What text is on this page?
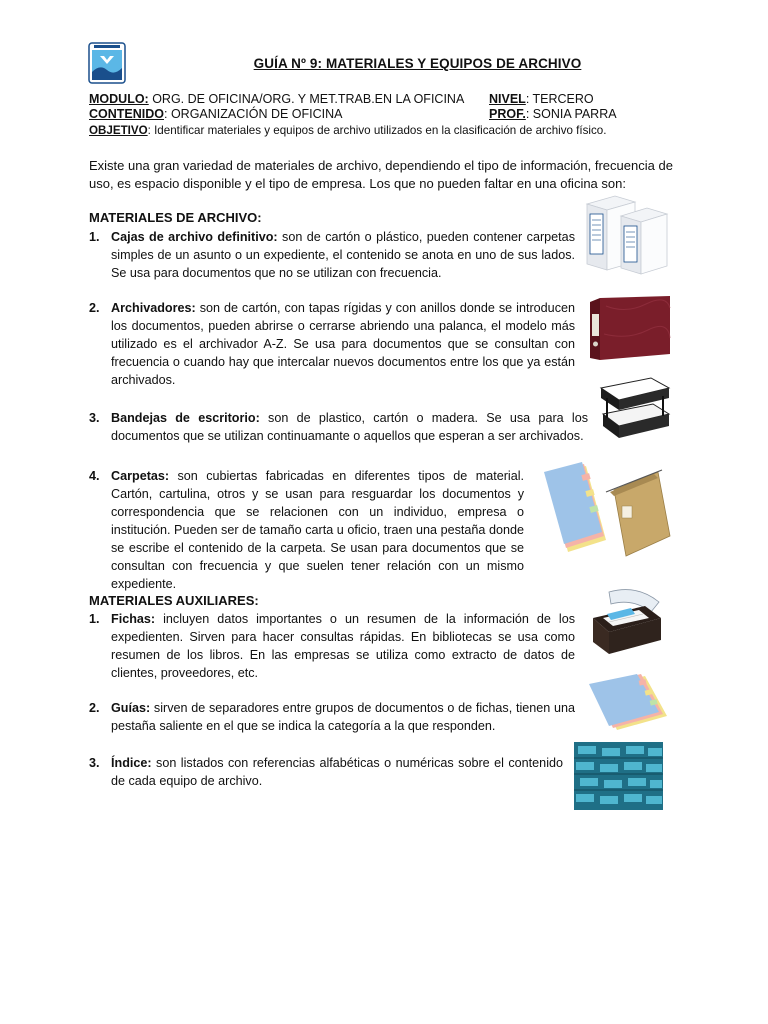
GUÍA Nº 9: MATERIALES Y EQUIPOS DE ARCHIVO
MODULO: ORG. DE OFICINA/ORG. Y MET.TRAB.EN LA OFICINA NIVEL: TERCERO
CONTENIDO: ORGANIZACIÓN DE OFICINA	PROF.: SONIA PARRA
OBJETIVO: Identificar materiales y equipos de archivo utilizados en la clasificación de archivo físico.
Existe una gran variedad de materiales de archivo, dependiendo el tipo de información, frecuencia de uso, es espacio disponible y el tipo de empresa. Los que no pueden faltar en una oficina son:
MATERIALES DE ARCHIVO:
1. Cajas de archivo definitivo: son de cartón o plástico, pueden contener carpetas simples de un asunto o un expediente, el contenido se anota en uno de sus lados. Se usa para documentos que no se utilizan con frecuencia.
2. Archivadores: son de cartón, con tapas rígidas y con anillos donde se introducen los documentos, pueden abrirse o cerrarse abriendo una palanca, el modelo más utilizado es el archivador A-Z. Se usa para documentos que se consultan con frecuencia o cuando hay que intercalar nuevos documentos entre los que ya están archivados.
3. Bandejas de escritorio: son de plastico, cartón o madera. Se usa para los documentos que se utilizan continuamante o aquellos que esperan a ser archivados.
4. Carpetas: son cubiertas fabricadas en diferentes tipos de material. Cartón, cartulina, otros y se usan para resguardar los documentos y correspondencia que se relacionen con un individuo, empresa o institución. Pueden ser de tamaño carta u oficio, traen una pestaña donde se escribe el contenido de la carpeta. Se usan para documentos que se consultan con frecuencia y que suelen tener relación con un mismo expediente.
MATERIALES AUXILIARES:
1. Fichas: incluyen datos importantes o un resumen de la información de los expedienten. Sirven para hacer consultas rápidas. En bibliotecas se usa como resumen de los libros. En las empresas se utiliza como extracto de datos de clientes, proveedores, etc.
2. Guías: sirven de separadores entre grupos de documentos o de fichas, tienen una pestaña saliente en el que se indica la categoría a la que responden.
3. Índice: son listados con referencias alfabéticas o numéricas sobre el contenido de cada equipo de archivo.
